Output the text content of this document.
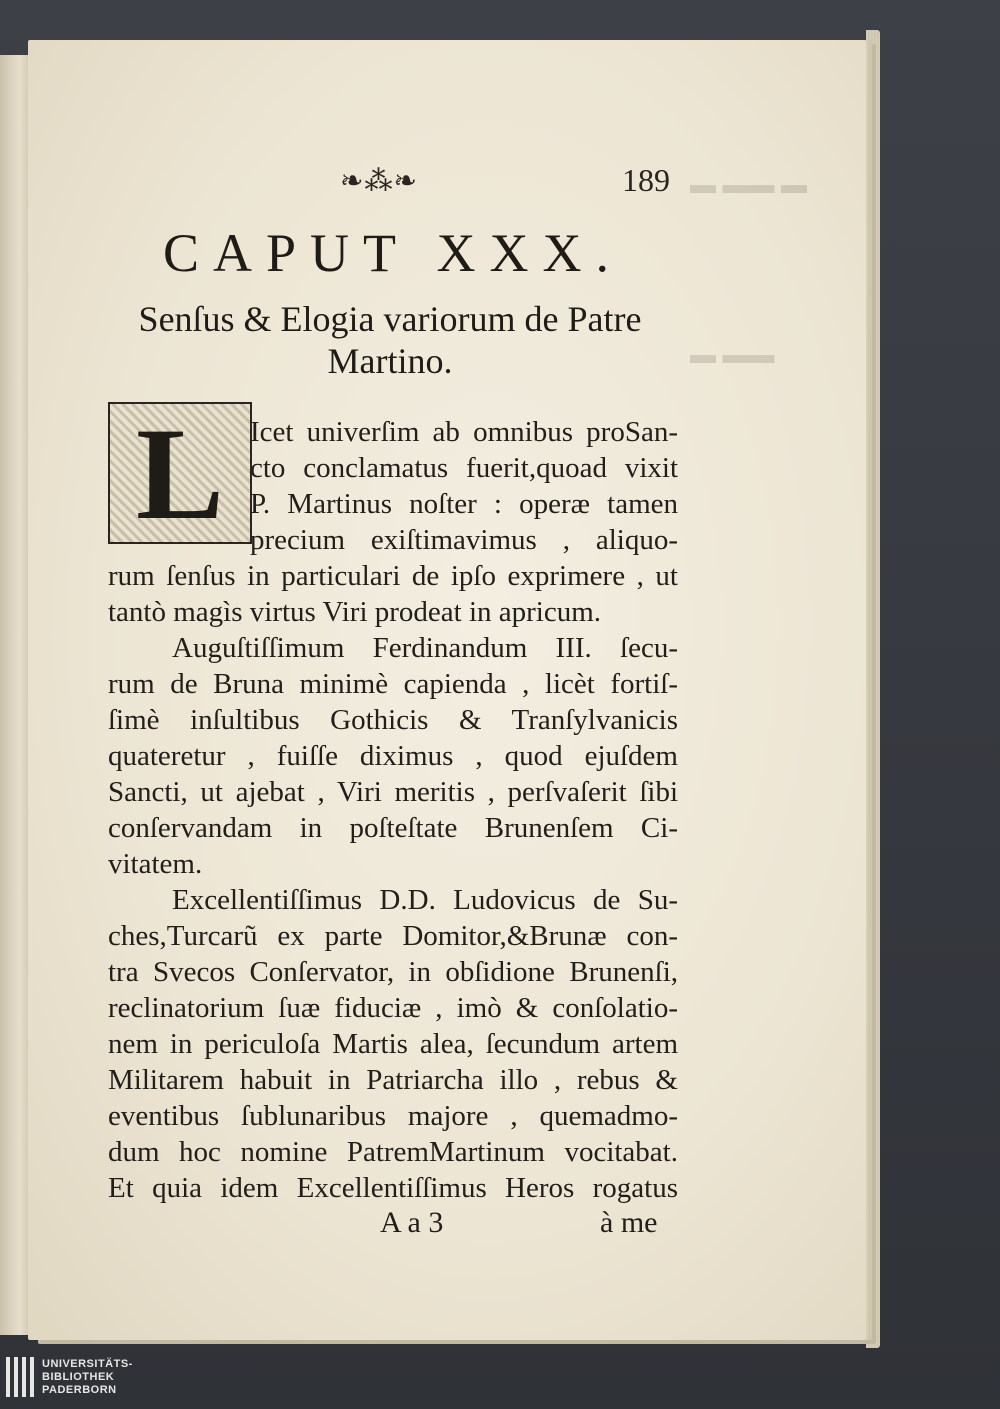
▬ ▬▬ ▬
▬▬ ▬
❧⁂❧	189
CAPUT XXX.
Senſus & Elogia variorum de Patre
Martino.
L Icet univerſim ab omnibus proSan-
cto conclamatus fuerit,quoad vixit
P. Martinus noſter : operæ tamen
precium exiſtimavimus , aliquo-
rum ſenſus in particulari de ipſo exprimere , ut
tantò magìs virtus Viri prodeat in apricum.
Auguſtiſſimum Ferdinandum III. ſecu-
rum de Bruna minimè capienda , licèt fortiſ-
ſimè inſultibus Gothicis & Tranſylvanicis
quateretur , fuiſſe diximus , quod ejuſdem
Sancti, ut ajebat , Viri meritis , perſvaſerit ſibi
conſervandam in poſteſtate Brunenſem Ci-
vitatem.
Excellentiſſimus D.D. Ludovicus de Su-
ches,Turcarũ ex parte Domitor,&Brunæ con-
tra Svecos Conſervator, in obſidione Brunenſi,
reclinatorium ſuæ fiduciæ , imò & conſolatio-
nem in periculoſa Martis alea, ſecundum artem
Militarem habuit in Patriarcha illo , rebus &
eventibus ſublunaribus majore , quemadmo-
dum hoc nomine PatremMartinum vocitabat.
Et quia idem Excellentiſſimus Heros rogatus
A a 3	à me
UNIVERSITÄTS-
BIBLIOTHEK
PADERBORN
